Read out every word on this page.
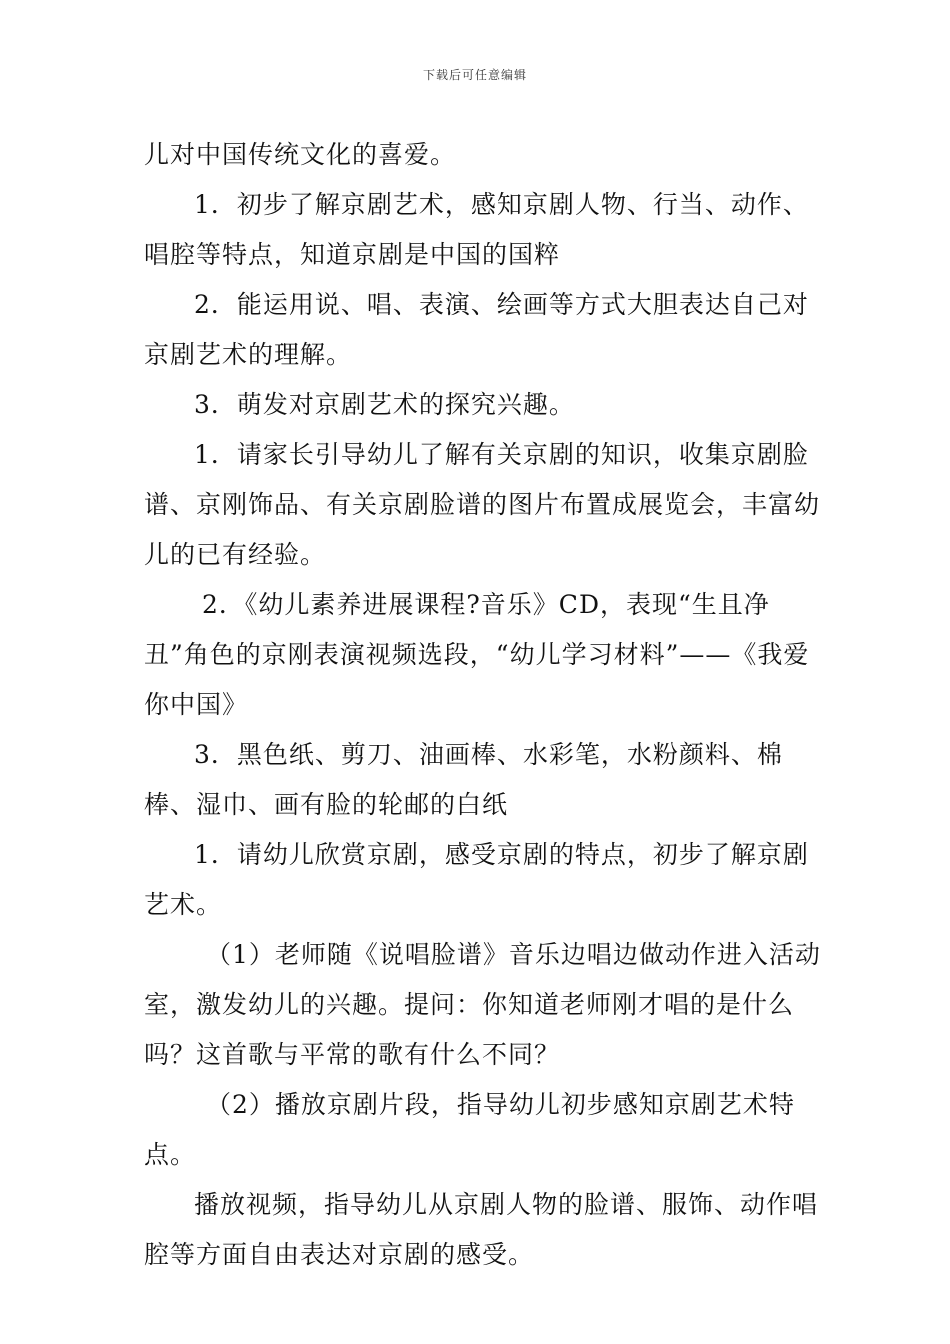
下载后可任意编辑

儿对中国传统文化的喜爱。

1．初步了解京剧艺术，感知京剧人物、行当、动作、唱腔等特点，知道京剧是中国的国粹

2．能运用说、唱、表演、绘画等方式大胆表达自己对京剧艺术的理解。

3．萌发对京剧艺术的探究兴趣。

1．请家长引导幼儿了解有关京剧的知识，收集京剧脸谱、京刚饰品、有关京剧脸谱的图片布置成展览会，丰富幼儿的已有经验。

2．《幼儿素养进展课程?音乐》CD，表现“生且净丑”角色的京刚表演视频选段，“幼儿学习材料”——《我爱你中国》

3．黑色纸、剪刀、油画棒、水彩笔，水粉颜料、棉棒、湿巾、画有脸的轮邮的白纸

1．请幼儿欣赏京剧，感受京剧的特点，初步了解京剧艺术。

（1）老师随《说唱脸谱》音乐边唱边做动作进入活动室，激发幼儿的兴趣。提问：你知道老师刚才唱的是什么吗？这首歌与平常的歌有什么不同？

（2）播放京剧片段，指导幼儿初步感知京剧艺术特点。

播放视频，指导幼儿从京剧人物的脸谱、服饰、动作唱腔等方面自由表达对京剧的感受。
